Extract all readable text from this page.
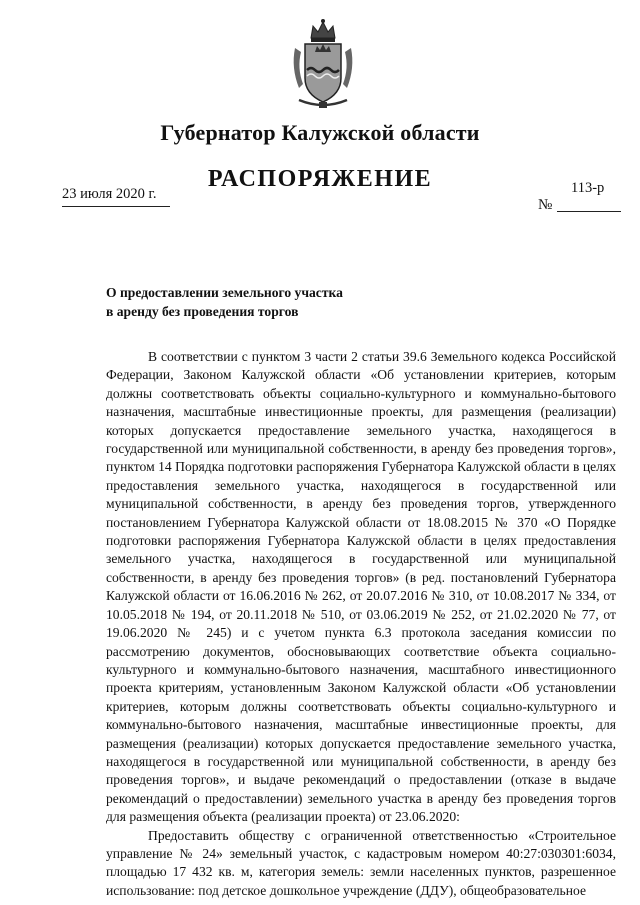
Губернатор Калужской области
РАСПОРЯЖЕНИЕ
23 июля 2020 г.	113-р
№
О предоставлении земельного участка
в аренду без проведения торгов

В соответствии с пунктом 3 части 2 статьи 39.6 Земельного кодекса Российской Федерации, Законом Калужской области «Об установлении критериев, которым должны соответствовать объекты социально-культурного и коммунально-бытового назначения, масштабные инвестиционные проекты, для размещения (реализации) которых допускается предоставление земельного участка, находящегося в государственной или муниципальной собственности, в аренду без проведения торгов», пунктом 14 Порядка подготовки распоряжения Губернатора Калужской области в целях предоставления земельного участка, находящегося в государственной или муниципальной собственности, в аренду без проведения торгов, утвержденного постановлением Губернатора Калужской области от 18.08.2015 № 370 «О Порядке подготовки распоряжения Губернатора Калужской области в целях предоставления земельного участка, находящегося в государственной или муниципальной собственности, в аренду без проведения торгов» (в ред. постановлений Губернатора Калужской области от 16.06.2016 № 262, от 20.07.2016 № 310, от 10.08.2017 № 334, от 10.05.2018 № 194, от 20.11.2018 № 510, от 03.06.2019 № 252, от 21.02.2020 № 77, от 19.06.2020 № 245) и с учетом пункта 6.3 протокола заседания комиссии по рассмотрению документов, обосновывающих соответствие объекта социально-культурного и коммунально-бытового назначения, масштабного инвестиционного проекта критериям, установленным Законом Калужской области «Об установлении критериев, которым должны соответствовать объекты социально-культурного и коммунально-бытового назначения, масштабные инвестиционные проекты, для размещения (реализации) которых допускается предоставление земельного участка, находящегося в государственной или муниципальной собственности, в аренду без проведения торгов», и выдаче рекомендаций о предоставлении (отказе в выдаче рекомендаций о предоставлении) земельного участка в аренду без проведения торгов для размещения объекта (реализации проекта) от 23.06.2020:

Предоставить обществу с ограниченной ответственностью «Строительное управление № 24» земельный участок, с кадастровым номером 40:27:030301:6034, площадью 17 432 кв. м, категория земель: земли населенных пунктов, разрешенное использование: под детское дошкольное учреждение (ДДУ), общеобразовательное
